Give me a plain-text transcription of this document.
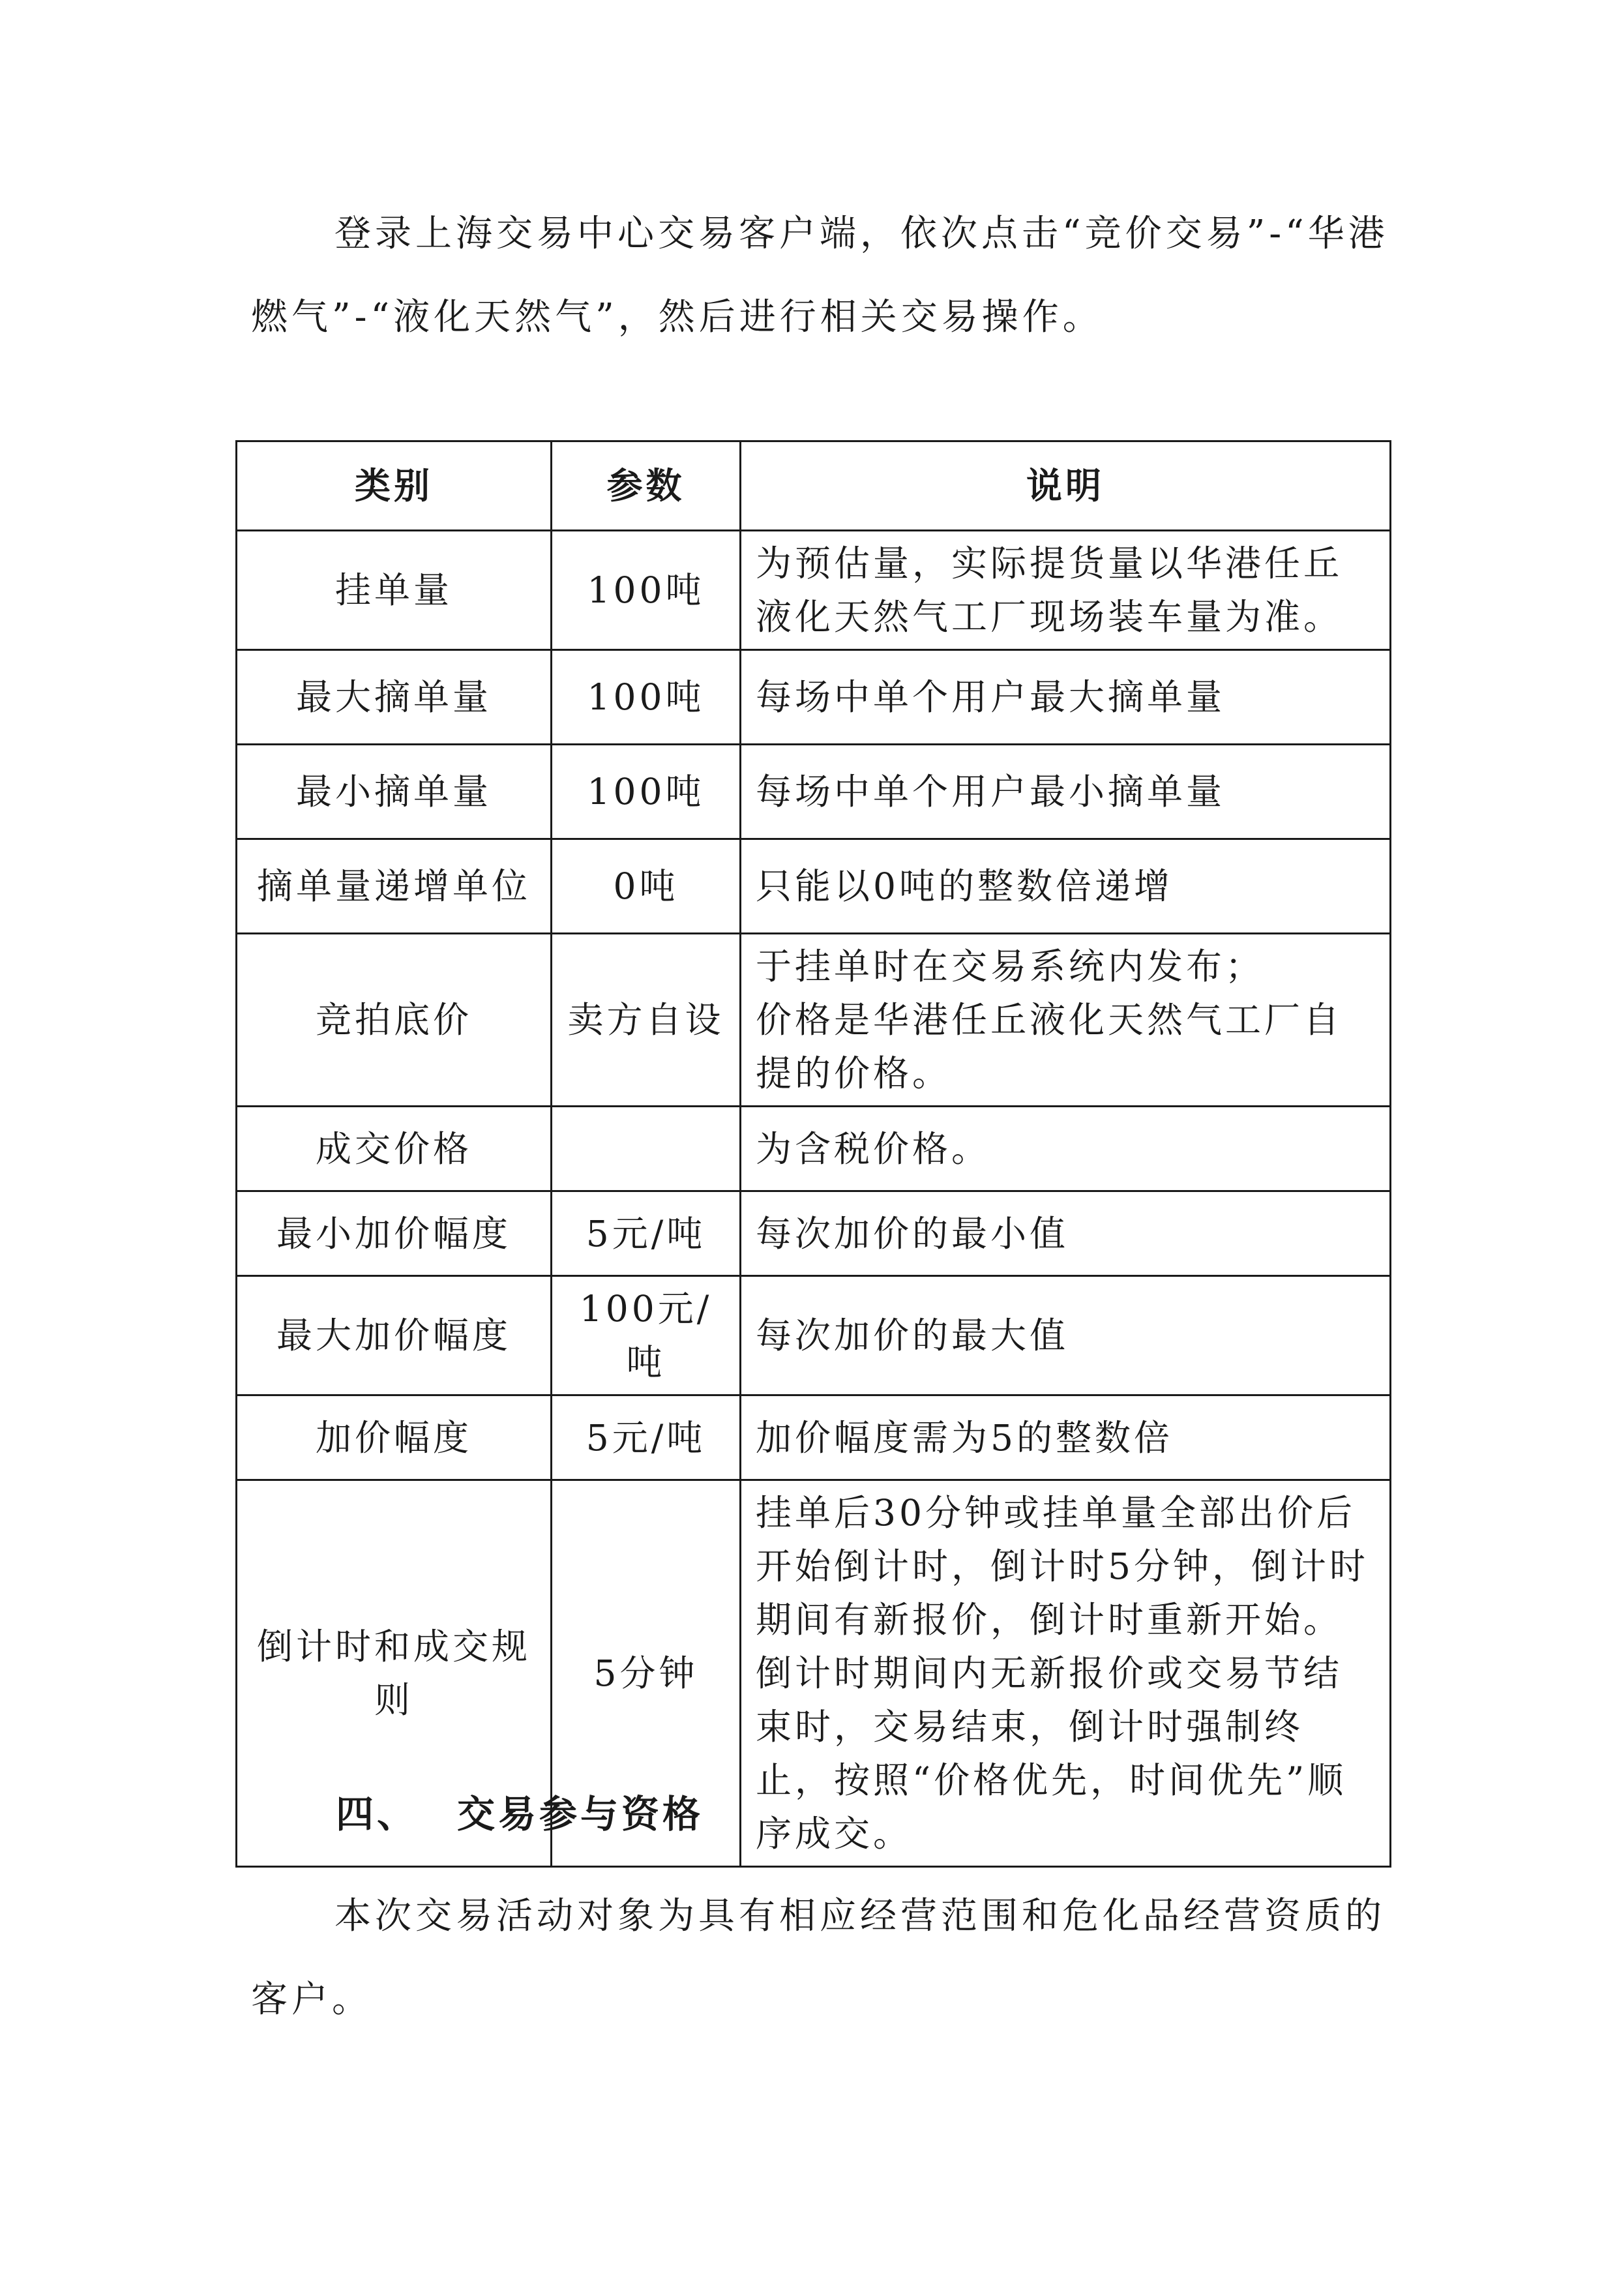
登录上海交易中心交易客户端，依次点击“竞价交易”-“华港燃气”-“液化天然气”，然后进行相关交易操作。

类别	参数	说明
挂单量	100吨	为预估量，实际提货量以华港任丘液化天然气工厂现场装车量为准。
最大摘单量	100吨	每场中单个用户最大摘单量
最小摘单量	100吨	每场中单个用户最小摘单量
摘单量递增单位	0吨	只能以0吨的整数倍递增
竞拍底价	卖方自设	于挂单时在交易系统内发布；
价格是华港任丘液化天然气工厂自提的价格。
成交价格		为含税价格。
最小加价幅度	5元/吨	每次加价的最小值
最大加价幅度	100元/吨	每次加价的最大值
加价幅度	5元/吨	加价幅度需为5的整数倍
倒计时和成交规则	5分钟	挂单后30分钟或挂单量全部出价后开始倒计时，倒计时5分钟，倒计时期间有新报价，倒计时重新开始。倒计时期间内无新报价或交易节结束时，交易结束，倒计时强制终止，按照“价格优先，时间优先”顺序成交。
四、 交易参与资格

本次交易活动对象为具有相应经营范围和危化品经营资质的客户。
